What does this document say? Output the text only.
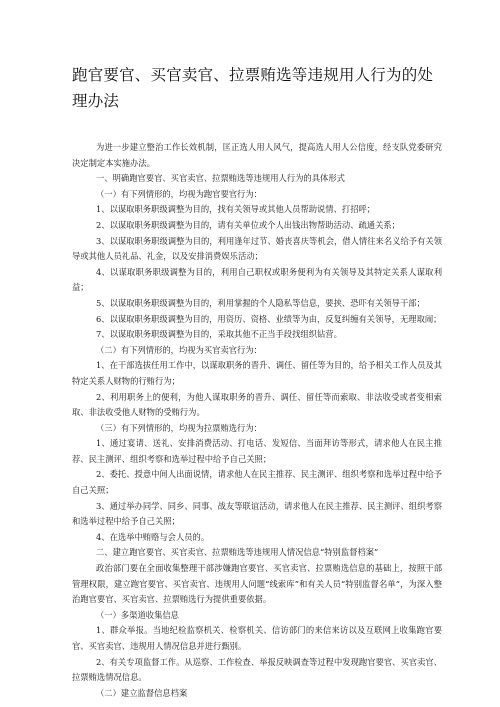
跑官要官、买官卖官、拉票贿选等违规用人行为的处理办法

为进一步建立整治工作长效机制，匡正选人用人风气，提高选人用人公信度，经支队党委研究决定制定本实施办法。

一、明确跑官要官、买官卖官、拉票贿选等违规用人行为的具体形式

（一）有下列情形的，均视为跑官要官行为：

1、以谋取职务职级调整为目的，找有关领导或其他人员帮助说情、打招呼；

2、以谋取职务职级调整为目的，请有关单位或个人出钱出物帮助活动、疏通关系；

3、以谋取职务职级调整为目的，利用逢年过节、婚丧喜庆等机会，借人情往来名义给予有关领导或其他人员礼品、礼金，以及安排消费娱乐活动；

4、以谋取职务职级调整为目的，利用自己职权或职务便利为有关领导及其特定关系人谋取利益；

5、以谋取职务职级调整为目的，利用掌握的个人隐私等信息，要挟、恐吓有关领导干部；

6、以谋取职务职级调整为目的，用资历、资格、业绩等为由，反复纠缠有关领导，无理取闹；

7、以谋取职务职级调整为目的，采取其他不正当手段找组织钻营。

（二）有下列情形的，均视为买官卖官行为：

1、在干部选拔任用工作中，以谋取职务的晋升、调任、留任等为目的，给予相关工作人员及其特定关系人财物的行贿行为；

2、利用职务上的便利，为他人谋取职务的晋升、调任、留任等而索取、非法收受或者变相索取、非法收受他人财物的受贿行为。

（三）有下列情形的，均视为拉票贿选行为：

1、通过宴请、送礼、安排消费活动、打电话、发短信、当面拜访等形式，请求他人在民主推荐、民主测评、组织考察和选举过程中给予自己关照；

2、委托、授意中间人出面说情，请求他人在民主推荐、民主测评、组织考察和选举过程中给予自己关照；

3、通过举办同学、同乡、同事、战友等联谊活动，请求他人在民主推荐、民主测评、组织考察和选举过程中给予自己关照；

4、在选举中贿赂与会人员的。

二、建立跑官要官、买官卖官、拉票贿选等违规用人情况信息“特别监督档案”

政治部门要在全面收集整理干部涉嫌跑官要官、买官卖官、拉票贿选信息的基础上，按照干部管理权限，建立跑官要官、买官卖官、违规用人问题“线索库”和有关人员“特别监督名单”，为深入整治跑官要官、买官卖官、拉票贿选行为提供重要依据。

（一）多渠道收集信息

1、群众举报。当地纪检监察机关、检察机关、信访部门的来信来访以及互联网上收集跑官要官、买官卖官、违规用人情况信息并进行甄别。

2、有关专项监督工作。从巡察、工作检查、举报反映调查等过程中发现跑官要官、买官卖官、拉票贿选情况信息。

（二）建立监督信息档案
